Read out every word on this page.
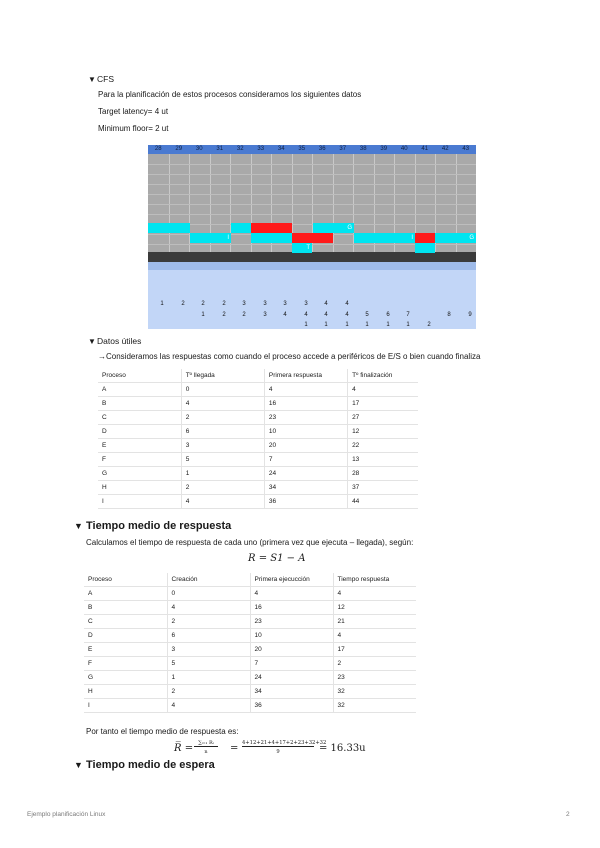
▼CFS
Para la planificación de estos procesos consideramos los siguientes datos
Target latency= 4 ut
Minimum floor= 2 ut
28	29	30	31	32	33	34	35	36	37	38	39	40	41	42	43
G
I	I	G
T
1	2	2	2	3	3	3	3	4	4
1	2	2	3	4	4	4	4	5	6	7	8	9
1	1	1	1	1	1	2
▼Datos útiles
→Consideramos las respuestas como cuando el proceso accede a periféricos de E/S o bien cuando finaliza
Proceso	Tº llegada	Primera respuesta	Tº finalización
A	0	4	4
B	4	16	17
C	2	23	27
D	6	10	12
E	3	20	22
F	5	7	13
G	1	24	28
H	2	34	37
I	4	36	44
▼ Tiempo medio de respuesta
Calculamos el tiempo de respuesta de cada uno (primera vez que ejecuta – llegada), según:
R = S1 − A
Proceso	Creación	Primera ejecucción	Tiempo respuesta
A	0	4	4
B	4	16	12
C	2	23	21
D	6	10	4
E	3	20	17
F	5	7	2
G	1	24	23
H	2	34	32
I	4	36	32
Por tanto el tiempo medio de respuesta es:
R̅ =	∑ᵢ₌₁ Rᵢ
n	= 4+12+21+4+17+2+23+32+32
9	= 16.33u
▼ Tiempo medio de espera
Ejemplo planificación Linux	2
